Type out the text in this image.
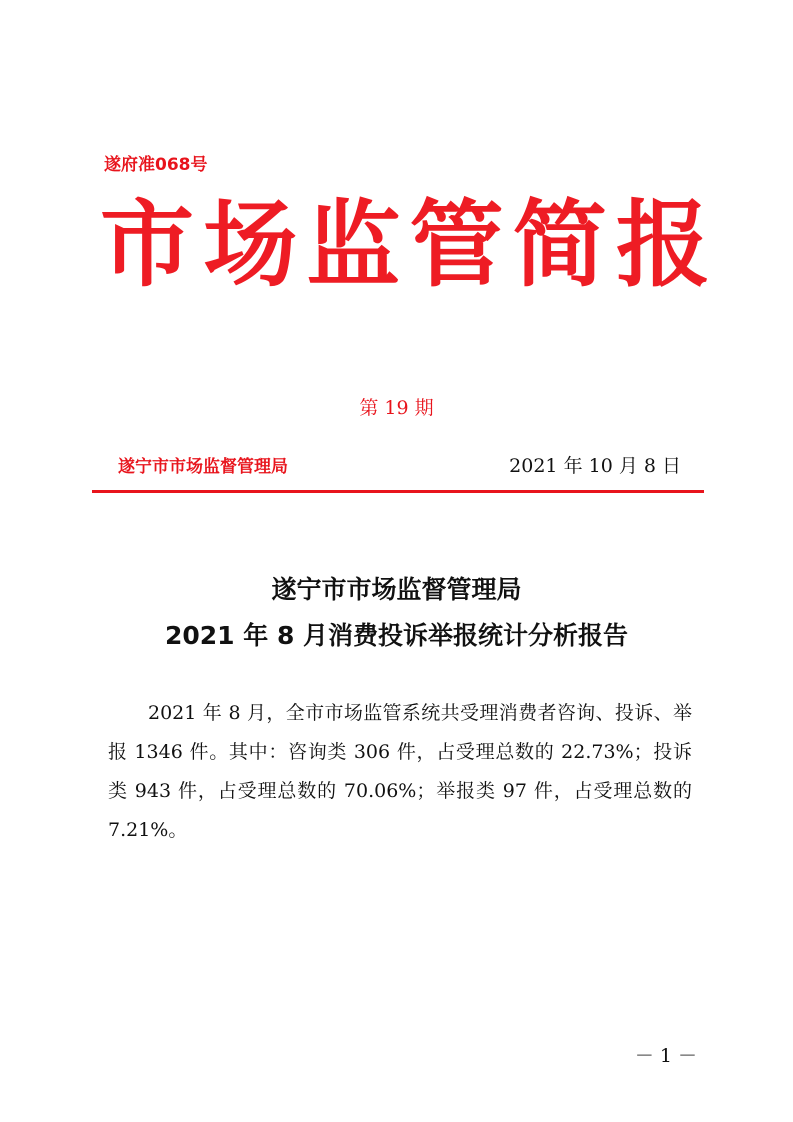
遂府准068号
市 场 监 管 简 报
第 19 期
遂宁市市场监督管理局	2021 年 10 月 8 日
遂宁市市场监督管理局
2021 年 8 月消费投诉举报统计分析报告

2021 年 8 月，全市市场监管系统共受理消费者咨询、投诉、举报 1346 件。其中：咨询类 306 件，占受理总数的 22.73%；投诉类 943 件，占受理总数的 70.06%；举报类 97 件，占受理总数的 7.21%。

－ 1 －
